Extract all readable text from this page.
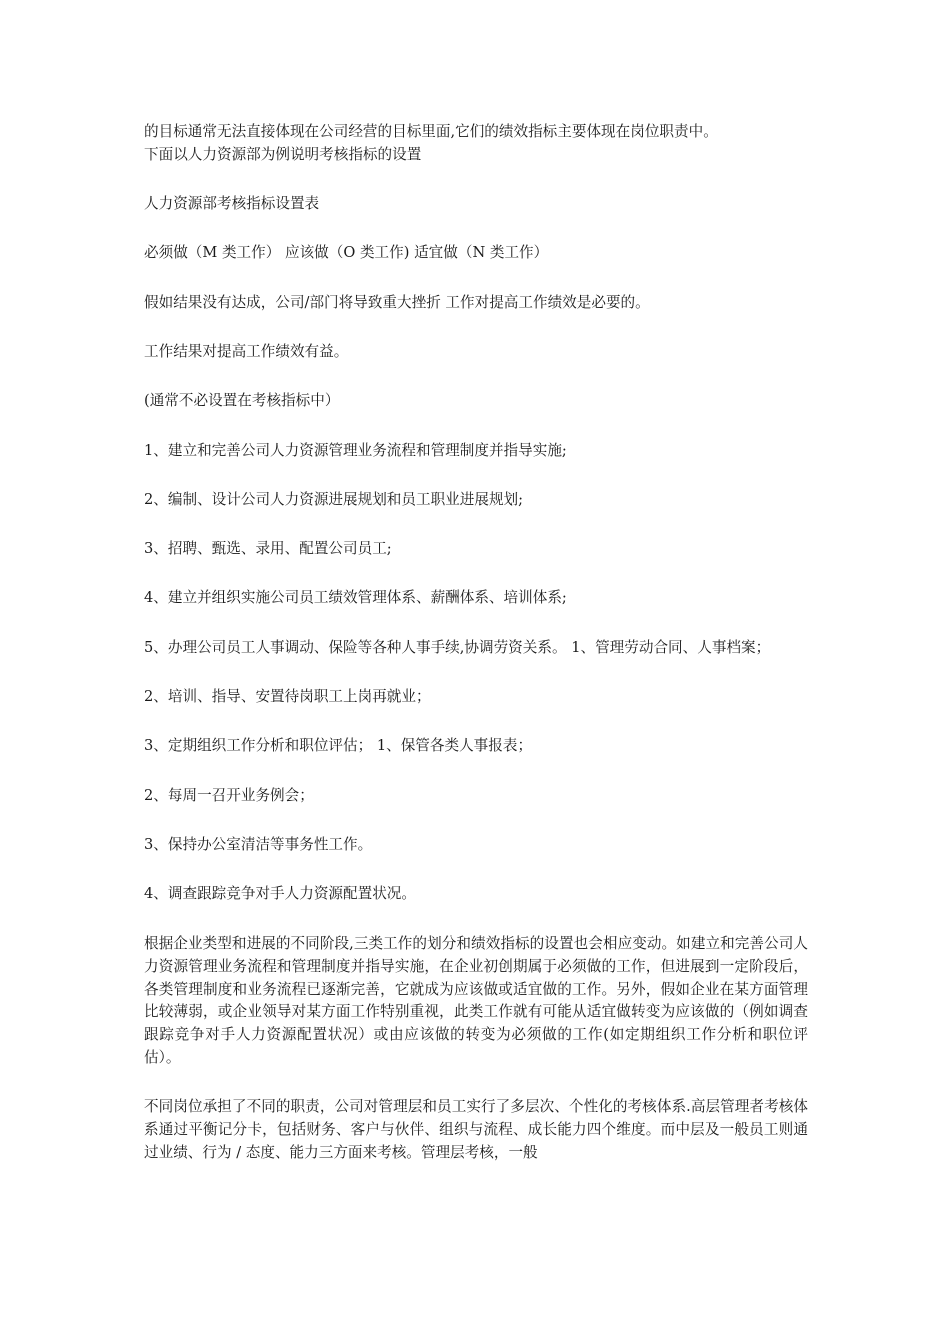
的目标通常无法直接体现在公司经营的目标里面,它们的绩效指标主要体现在岗位职责中。

下面以人力资源部为例说明考核指标的设置

人力资源部考核指标设置表

必须做（M 类工作） 应该做（O 类工作) 适宜做（N 类工作）

假如结果没有达成，公司/部门将导致重大挫折 工作对提高工作绩效是必要的。

工作结果对提高工作绩效有益。

(通常不必设置在考核指标中）

1、建立和完善公司人力资源管理业务流程和管理制度并指导实施;

2、编制、设计公司人力资源进展规划和员工职业进展规划;

3、招聘、甄选、录用、配置公司员工;

4、建立并组织实施公司员工绩效管理体系、薪酬体系、培训体系;

5、办理公司员工人事调动、保险等各种人事手续,协调劳资关系。 1、管理劳动合同、人事档案；

2、培训、指导、安置待岗职工上岗再就业；

3、定期组织工作分析和职位评估； 1、保管各类人事报表；

2、每周一召开业务例会；

3、保持办公室清洁等事务性工作。

4、调查跟踪竞争对手人力资源配置状况。

根据企业类型和进展的不同阶段,三类工作的划分和绩效指标的设置也会相应变动。如建立和完善公司人力资源管理业务流程和管理制度并指导实施，在企业初创期属于必须做的工作，但进展到一定阶段后，各类管理制度和业务流程已逐渐完善，它就成为应该做或适宜做的工作。另外，假如企业在某方面管理比较薄弱，或企业领导对某方面工作特别重视，此类工作就有可能从适宜做转变为应该做的（例如调查跟踪竞争对手人力资源配置状况）或由应该做的转变为必须做的工作(如定期组织工作分析和职位评估）。

不同岗位承担了不同的职责，公司对管理层和员工实行了多层次、个性化的考核体系.高层管理者考核体系通过平衡记分卡，包括财务、客户与伙伴、组织与流程、成长能力四个维度。而中层及一般员工则通过业绩、行为 / 态度、能力三方面来考核。管理层考核，一般
